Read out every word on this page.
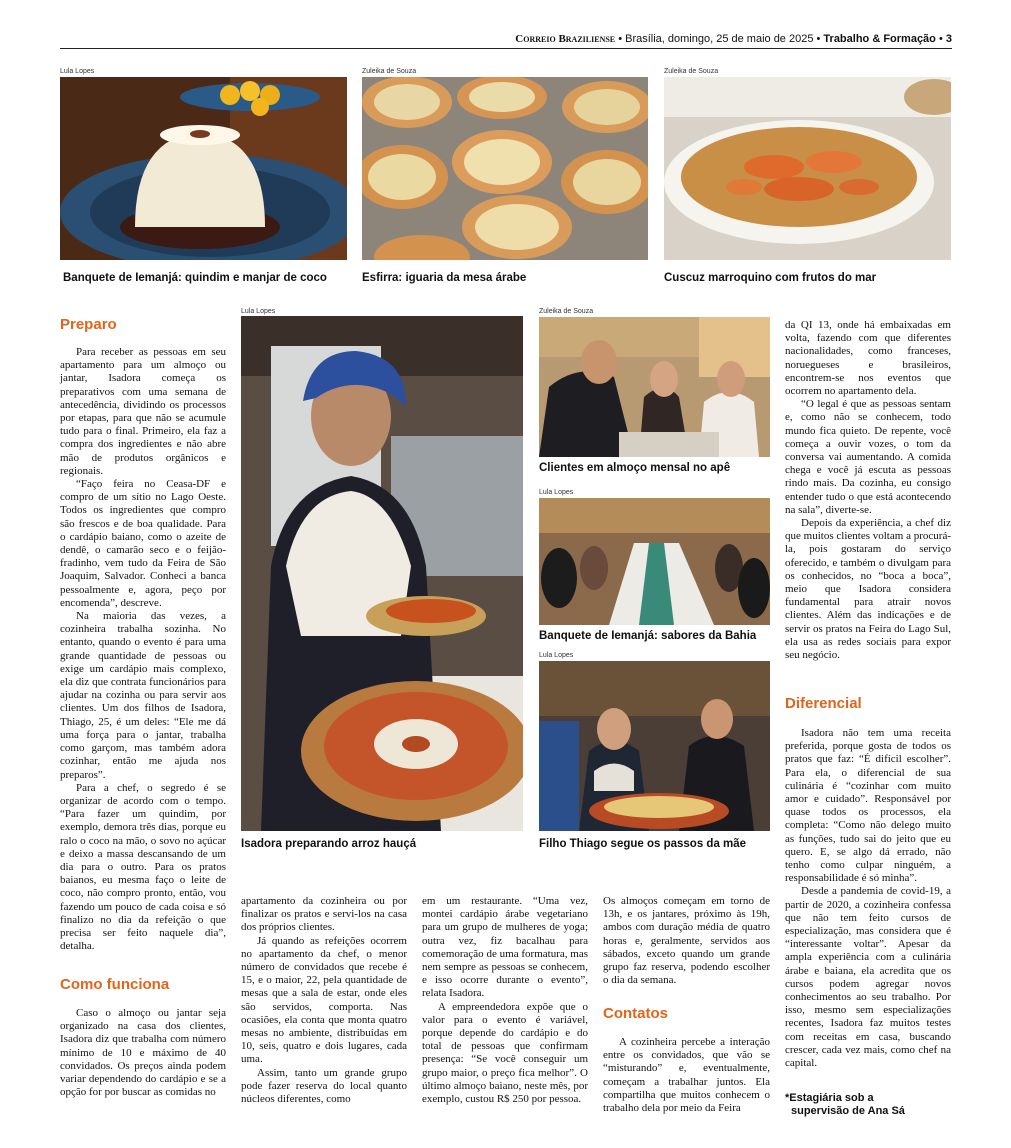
Correio Braziliense • Brasília, domingo, 25 de maio de 2025 • Trabalho & Formação • 3
Lula Lopes
Banquete de Iemanjá: quindim e manjar de coco
Zuleika de Souza
Esfirra: iguaria da mesa árabe
Zuleika de Souza
Cuscuz marroquino com frutos do mar
Preparo

Para receber as pessoas em seu apartamento para um almoço ou jantar, Isadora começa os preparativos com uma semana de antecedência, dividindo os processos por etapas, para que não se acumule tudo para o final. Primeiro, ela faz a compra dos ingredientes e não abre mão de produtos orgânicos e regionais.

“Faço feira no Ceasa-DF e compro de um sítio no Lago Oeste. Todos os ingredientes que compro são frescos e de boa qualidade. Para o cardápio baiano, como o azeite de dendê, o camarão seco e o feijão-fradinho, vem tudo da Feira de São Joaquim, Salvador. Conheci a banca pessoalmente e, agora, peço por encomenda”, descreve.

Na maioria das vezes, a cozinheira trabalha sozinha. No entanto, quando o evento é para uma grande quantidade de pessoas ou exige um cardápio mais complexo, ela diz que contrata funcionários para ajudar na cozinha ou para servir aos clientes. Um dos filhos de Isadora, Thiago, 25, é um deles: “Ele me dá uma força para o jantar, trabalha como garçom, mas também adora cozinhar, então me ajuda nos preparos”.

Para a chef, o segredo é se organizar de acordo com o tempo. “Para fazer um quindim, por exemplo, demora três dias, porque eu ralo o coco na mão, o sovo no açúcar e deixo a massa descansando de um dia para o outro. Para os pratos baianos, eu mesma faço o leite de coco, não compro pronto, então, vou fazendo um pouco de cada coisa e só finalizo no dia da refeição o que precisa ser feito naquele dia”, detalha.

Como funciona

Caso o almoço ou jantar seja organizado na casa dos clientes, Isadora diz que trabalha com número mínimo de 10 e máximo de 40 convidados. Os preços ainda podem variar dependendo do cardápio e se a opção for por buscar as comidas no

Lula Lopes
Isadora preparando arroz hauçá
Zuleika de Souza
Clientes em almoço mensal no apê
Lula Lopes
Banquete de Iemanjá: sabores da Bahia
Lula Lopes
Filho Thiago segue os passos da mãe

apartamento da cozinheira ou por finalizar os pratos e servi-los na casa dos próprios clientes.

Já quando as refeições ocorrem no apartamento da chef, o menor número de convidados que recebe é 15, e o maior, 22, pela quantidade de mesas que a sala de estar, onde eles são servidos, comporta. Nas ocasiões, ela conta que monta quatro mesas no ambiente, distribuídas em 10, seis, quatro e dois lugares, cada uma.

Assim, tanto um grande grupo pode fazer reserva do local quanto núcleos diferentes, como

em um restaurante. “Uma vez, montei cardápio árabe vegetariano para um grupo de mulheres de yoga; outra vez, fiz bacalhau para comemoração de uma formatura, mas nem sempre as pessoas se conhecem, e isso ocorre durante o evento”, relata Isadora.

A empreendedora expõe que o valor para o evento é variável, porque depende do cardápio e do total de pessoas que confirmam presença: “Se você conseguir um grupo maior, o preço fica melhor”. O último almoço baiano, neste mês, por exemplo, custou R$ 250 por pessoa.

Os almoços começam em torno de 13h, e os jantares, próximo às 19h, ambos com duração média de quatro horas e, geralmente, servidos aos sábados, exceto quando um grande grupo faz reserva, podendo escolher o dia da semana.

Contatos

A cozinheira percebe a interação entre os convidados, que vão se “misturando” e, eventualmente, começam a trabalhar juntos. Ela compartilha que muitos conhecem o trabalho dela por meio da Feira

da QI 13, onde há embaixadas em volta, fazendo com que diferentes nacionalidades, como franceses, noruegueses e brasileiros, encontrem-se nos eventos que ocorrem no apartamento dela.

“O legal é que as pessoas sentam e, como não se conhecem, todo mundo fica quieto. De repente, você começa a ouvir vozes, o tom da conversa vai aumentando. A comida chega e você já escuta as pessoas rindo mais. Da cozinha, eu consigo entender tudo o que está acontecendo na sala”, diverte-se.

Depois da experiência, a chef diz que muitos clientes voltam a procurá-la, pois gostaram do serviço oferecido, e também o divulgam para os conhecidos, no “boca a boca”, meio que Isadora considera fundamental para atrair novos clientes. Além das indicações e de servir os pratos na Feira do Lago Sul, ela usa as redes sociais para expor seu negócio.

Diferencial

Isadora não tem uma receita preferida, porque gosta de todos os pratos que faz: “É difícil escolher”. Para ela, o diferencial de sua culinária é “cozinhar com muito amor e cuidado”. Responsável por quase todos os processos, ela completa: “Como não delego muito as funções, tudo sai do jeito que eu quero. E, se algo dá errado, não tenho como culpar ninguém, a responsabilidade é só minha”.

Desde a pandemia de covid-19, a partir de 2020, a cozinheira confessa que não tem feito cursos de especialização, mas considera que é “interessante voltar”. Apesar da ampla experiência com a culinária árabe e baiana, ela acredita que os cursos podem agregar novos conhecimentos ao seu trabalho. Por isso, mesmo sem especializações recentes, Isadora faz muitos testes com receitas em casa, buscando crescer, cada vez mais, como chef na capital.

*Estagiária sob a
supervisão de Ana Sá
